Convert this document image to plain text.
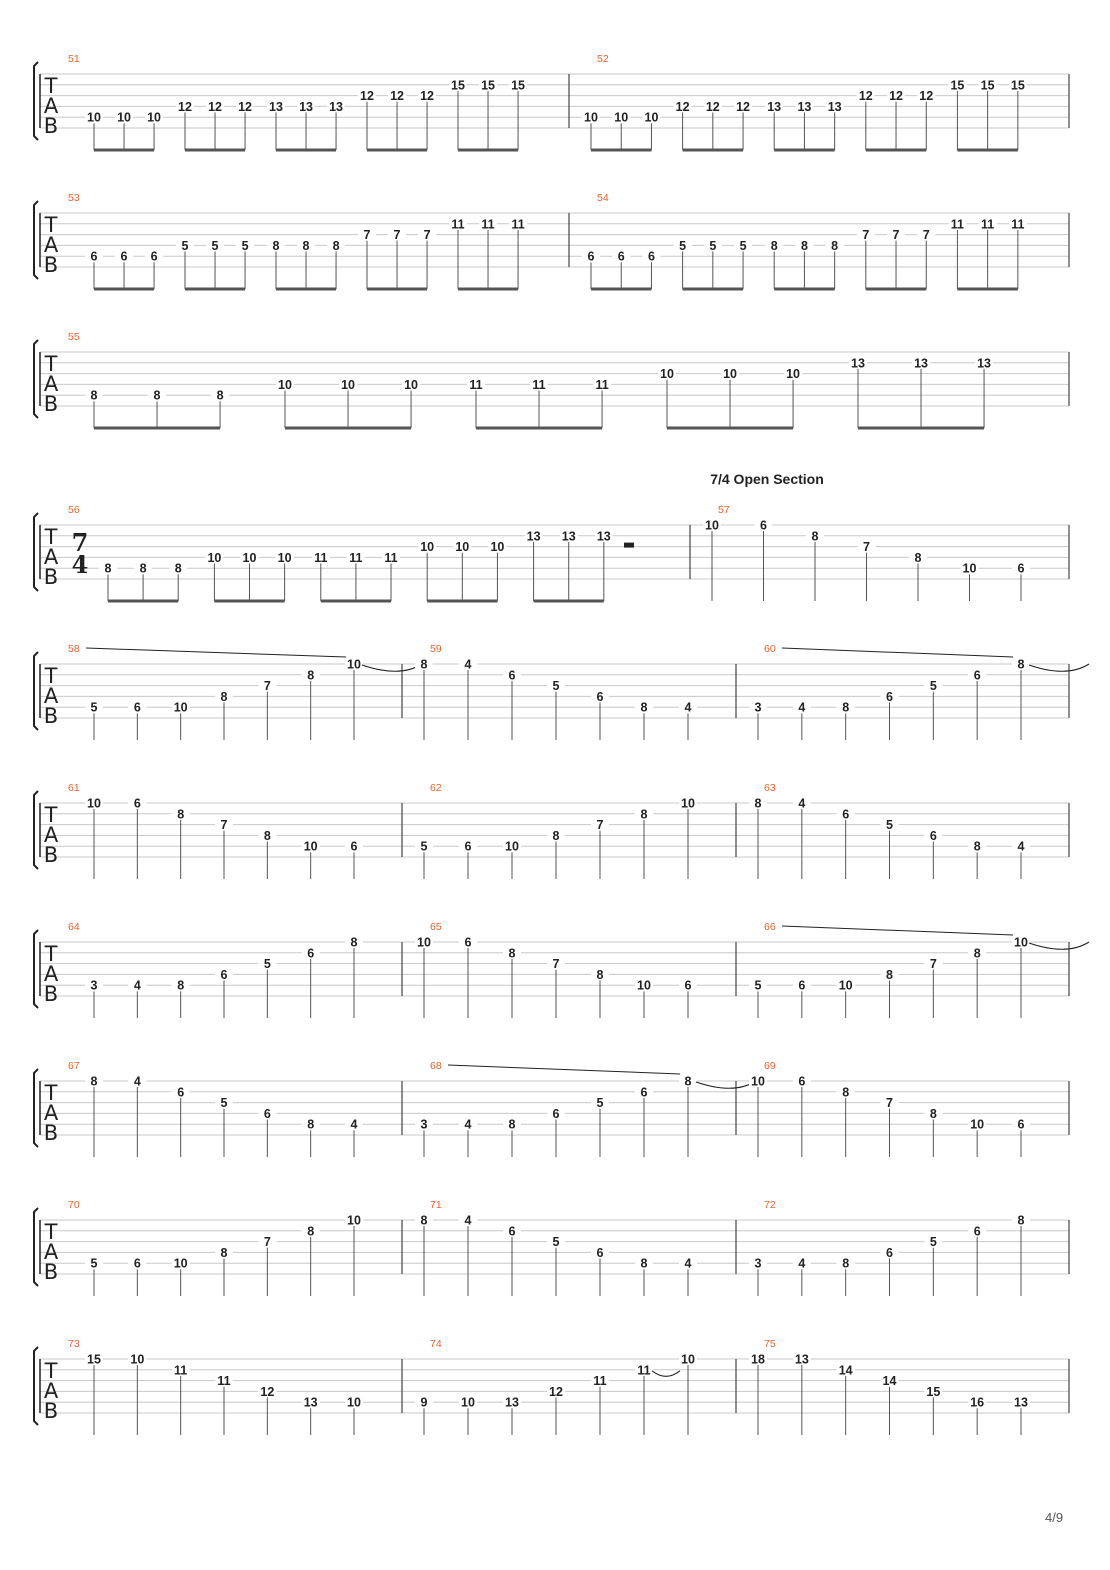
T
A
B
51
10 10 10
12 12 12 13 13 13
12 12 12
15 15 15
52
10 10 10
12 12 12 13 13 13
12 12 12
15 15 15
T
A
B
53
6 6 6
5 5 5 8 8 8
7 7 7
11 11 11
54
6 6 6
5 5 5 8 8 8
7 7 7
11 11 11
T
A
B
55
8	8	8
10	10	10	11	11	11
10	10	10
13	13	13
T
A
B
56
7
4 8 8 8
10 10 10 11 11 11
10 10 10
13 13 13
57
10	6
8
7
8
10	6
7/4 Open Section
T
A
B
58
5	6	10
8
7
8
10
59
8	4
6
5
6
8	4
60
3	4	8
6
5
6
8
T
A
B
61
10	6
8
7
8
10	6
62
5	6	10
8
7
8
10
63
8	4
6
5
6
8	4
T
A
B
64
3	4	8
6
5
6
8
65
10	6
8
7
8
10	6
66
5	6	10
8
7
8
10
T
A
B
67
8	4
6
5
6
8	4
68
3	4	8
6
5
6
8
69
10	6
8
7
8
10	6
T
A
B
70
5	6	10
8
7
8
10
71
8	4
6
5
6
8	4
72
3	4	8
6
5
6
8
T
A
B
73
15 10
11
11
12
13 10
74
9	10 13
12
11
11
10
75
18 13
14
14
15
16 13
4/9
